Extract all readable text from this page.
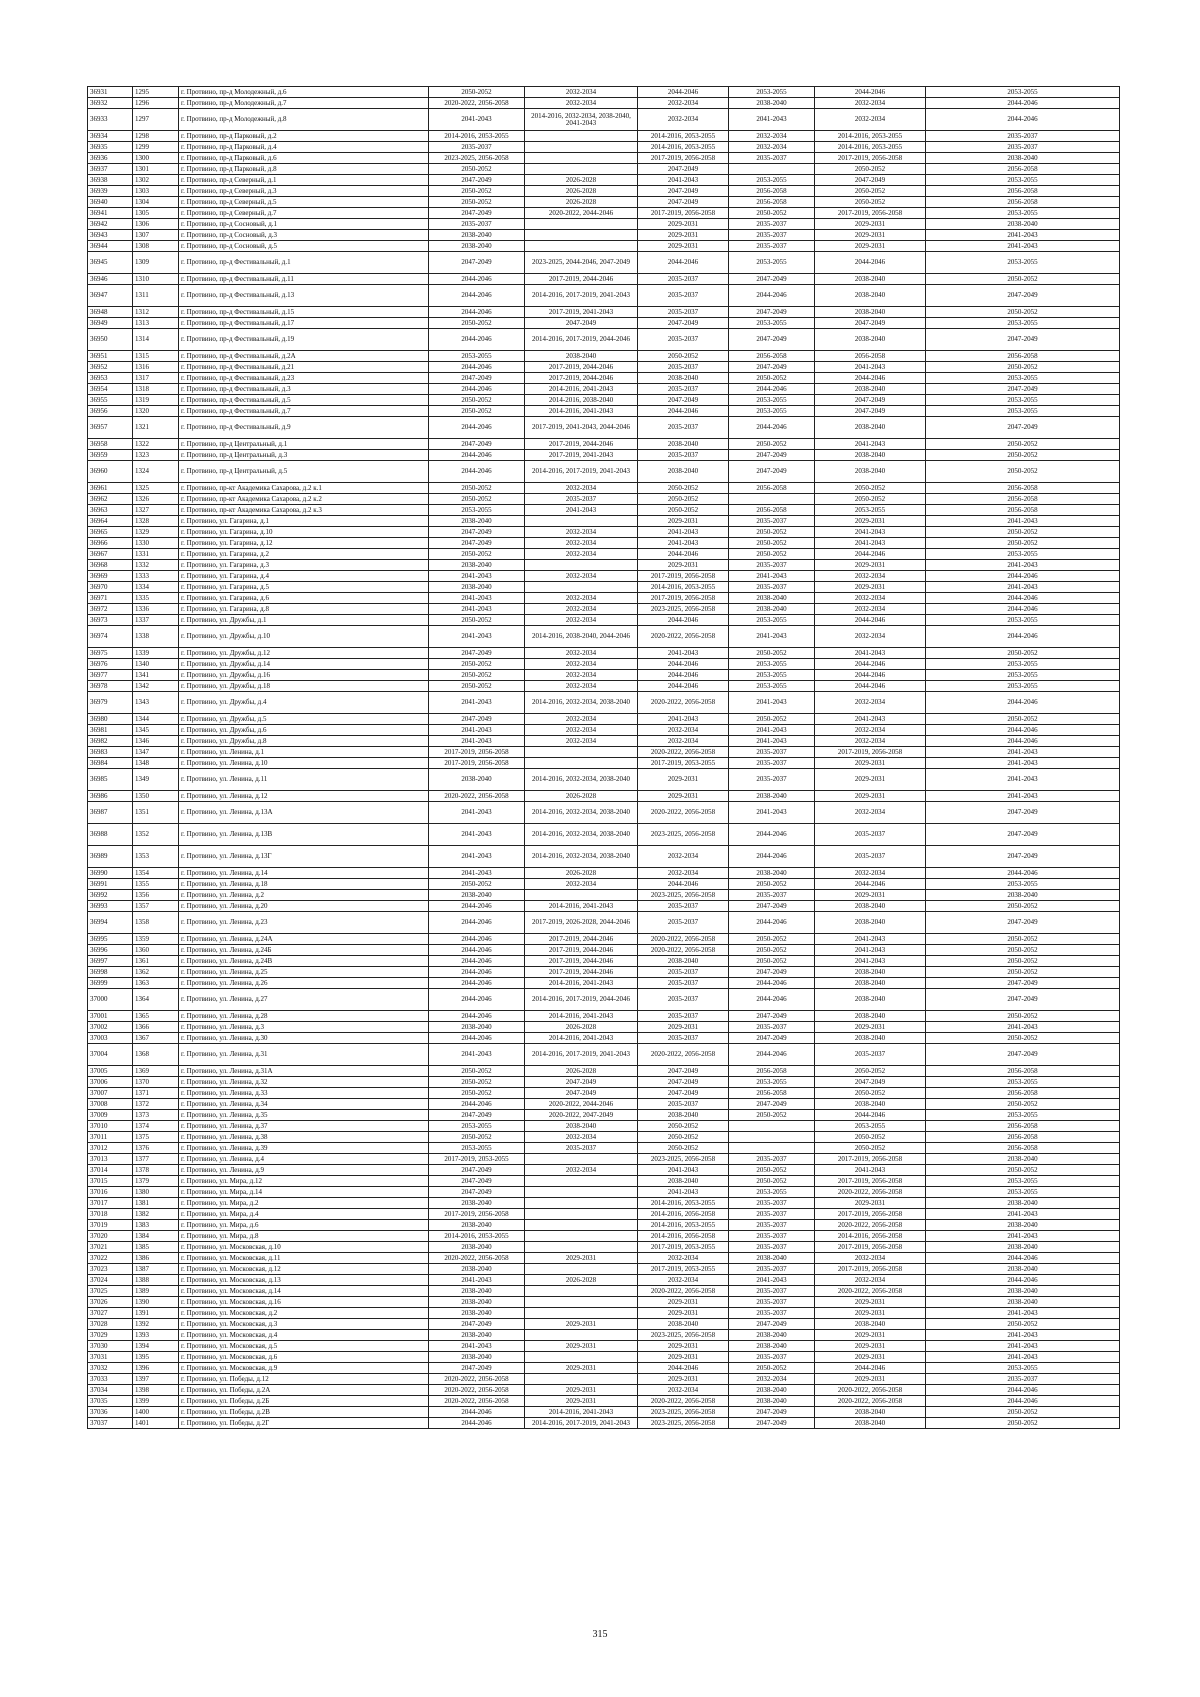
36931	1295	г. Протвино, пр-д Молодежный, д.6	2050-2052	2032-2034	2044-2046	2053-2055	2044-2046	2053-2055
36932	1296	г. Протвино, пр-д Молодежный, д.7	2020-2022, 2056-2058	2032-2034	2032-2034	2038-2040	2032-2034	2044-2046
36933	1297	г. Протвино, пр-д Молодежный, д.8	2041-2043	2014-2016, 2032-2034, 2038-2040, 2041-2043	2032-2034	2041-2043	2032-2034	2044-2046
36934	1298	г. Протвино, пр-д Парковый, д.2	2014-2016, 2053-2055		2014-2016, 2053-2055	2032-2034	2014-2016, 2053-2055	2035-2037
36935	1299	г. Протвино, пр-д Парковый, д.4	2035-2037		2014-2016, 2053-2055	2032-2034	2014-2016, 2053-2055	2035-2037
36936	1300	г. Протвино, пр-д Парковый, д.6	2023-2025, 2056-2058		2017-2019, 2056-2058	2035-2037	2017-2019, 2056-2058	2038-2040
36937	1301	г. Протвино, пр-д Парковый, д.8	2050-2052		2047-2049		2050-2052	2056-2058
36938	1302	г. Протвино, пр-д Северный, д.1	2047-2049	2026-2028	2041-2043	2053-2055	2047-2049	2053-2055
36939	1303	г. Протвино, пр-д Северный, д.3	2050-2052	2026-2028	2047-2049	2056-2058	2050-2052	2056-2058
36940	1304	г. Протвино, пр-д Северный, д.5	2050-2052	2026-2028	2047-2049	2056-2058	2050-2052	2056-2058
36941	1305	г. Протвино, пр-д Северный, д.7	2047-2049	2020-2022, 2044-2046	2017-2019, 2056-2058	2050-2052	2017-2019, 2056-2058	2053-2055
36942	1306	г. Протвино, пр-д Сосновый, д.1	2035-2037		2029-2031	2035-2037	2029-2031	2038-2040
36943	1307	г. Протвино, пр-д Сосновый, д.3	2038-2040		2029-2031	2035-2037	2029-2031	2041-2043
36944	1308	г. Протвино, пр-д Сосновый, д.5	2038-2040		2029-2031	2035-2037	2029-2031	2041-2043
36945	1309	г. Протвино, пр-д Фестивальный, д.1	2047-2049	2023-2025, 2044-2046, 2047-2049	2044-2046	2053-2055	2044-2046	2053-2055
36946	1310	г. Протвино, пр-д Фестивальный, д.11	2044-2046	2017-2019, 2044-2046	2035-2037	2047-2049	2038-2040	2050-2052
36947	1311	г. Протвино, пр-д Фестивальный, д.13	2044-2046	2014-2016, 2017-2019, 2041-2043	2035-2037	2044-2046	2038-2040	2047-2049
36948	1312	г. Протвино, пр-д Фестивальный, д.15	2044-2046	2017-2019, 2041-2043	2035-2037	2047-2049	2038-2040	2050-2052
36949	1313	г. Протвино, пр-д Фестивальный, д.17	2050-2052	2047-2049	2047-2049	2053-2055	2047-2049	2053-2055
36950	1314	г. Протвино, пр-д Фестивальный, д.19	2044-2046	2014-2016, 2017-2019, 2044-2046	2035-2037	2047-2049	2038-2040	2047-2049
36951	1315	г. Протвино, пр-д Фестивальный, д.2А	2053-2055	2038-2040	2050-2052	2056-2058	2056-2058	2056-2058
36952	1316	г. Протвино, пр-д Фестивальный, д.21	2044-2046	2017-2019, 2044-2046	2035-2037	2047-2049	2041-2043	2050-2052
36953	1317	г. Протвино, пр-д Фестивальный, д.23	2047-2049	2017-2019, 2044-2046	2038-2040	2050-2052	2044-2046	2053-2055
36954	1318	г. Протвино, пр-д Фестивальный, д.3	2044-2046	2014-2016, 2041-2043	2035-2037	2044-2046	2038-2040	2047-2049
36955	1319	г. Протвино, пр-д Фестивальный, д.5	2050-2052	2014-2016, 2038-2040	2047-2049	2053-2055	2047-2049	2053-2055
36956	1320	г. Протвино, пр-д Фестивальный, д.7	2050-2052	2014-2016, 2041-2043	2044-2046	2053-2055	2047-2049	2053-2055
36957	1321	г. Протвино, пр-д Фестивальный, д.9	2044-2046	2017-2019, 2041-2043, 2044-2046	2035-2037	2044-2046	2038-2040	2047-2049
36958	1322	г. Протвино, пр-д Центральный, д.1	2047-2049	2017-2019, 2044-2046	2038-2040	2050-2052	2041-2043	2050-2052
36959	1323	г. Протвино, пр-д Центральный, д.3	2044-2046	2017-2019, 2041-2043	2035-2037	2047-2049	2038-2040	2050-2052
36960	1324	г. Протвино, пр-д Центральный, д.5	2044-2046	2014-2016, 2017-2019, 2041-2043	2038-2040	2047-2049	2038-2040	2050-2052
36961	1325	г. Протвино, пр-кт Академика Сахарова, д.2 к.1	2050-2052	2032-2034	2050-2052	2056-2058	2050-2052	2056-2058
36962	1326	г. Протвино, пр-кт Академика Сахарова, д.2 к.2	2050-2052	2035-2037	2050-2052		2050-2052	2056-2058
36963	1327	г. Протвино, пр-кт Академика Сахарова, д.2 к.3	2053-2055	2041-2043	2050-2052	2056-2058	2053-2055	2056-2058
36964	1328	г. Протвино, ул. Гагарина, д.1	2038-2040		2029-2031	2035-2037	2029-2031	2041-2043
36965	1329	г. Протвино, ул. Гагарина, д.10	2047-2049	2032-2034	2041-2043	2050-2052	2041-2043	2050-2052
36966	1330	г. Протвино, ул. Гагарина, д.12	2047-2049	2032-2034	2041-2043	2050-2052	2041-2043	2050-2052
36967	1331	г. Протвино, ул. Гагарина, д.2	2050-2052	2032-2034	2044-2046	2050-2052	2044-2046	2053-2055
36968	1332	г. Протвино, ул. Гагарина, д.3	2038-2040		2029-2031	2035-2037	2029-2031	2041-2043
36969	1333	г. Протвино, ул. Гагарина, д.4	2041-2043	2032-2034	2017-2019, 2056-2058	2041-2043	2032-2034	2044-2046
36970	1334	г. Протвино, ул. Гагарина, д.5	2038-2040		2014-2016, 2053-2055	2035-2037	2029-2031	2041-2043
36971	1335	г. Протвино, ул. Гагарина, д.6	2041-2043	2032-2034	2017-2019, 2056-2058	2038-2040	2032-2034	2044-2046
36972	1336	г. Протвино, ул. Гагарина, д.8	2041-2043	2032-2034	2023-2025, 2056-2058	2038-2040	2032-2034	2044-2046
36973	1337	г. Протвино, ул. Дружбы, д.1	2050-2052	2032-2034	2044-2046	2053-2055	2044-2046	2053-2055
36974	1338	г. Протвино, ул. Дружбы, д.10	2041-2043	2014-2016, 2038-2040, 2044-2046	2020-2022, 2056-2058	2041-2043	2032-2034	2044-2046
36975	1339	г. Протвино, ул. Дружбы, д.12	2047-2049	2032-2034	2041-2043	2050-2052	2041-2043	2050-2052
36976	1340	г. Протвино, ул. Дружбы, д.14	2050-2052	2032-2034	2044-2046	2053-2055	2044-2046	2053-2055
36977	1341	г. Протвино, ул. Дружбы, д.16	2050-2052	2032-2034	2044-2046	2053-2055	2044-2046	2053-2055
36978	1342	г. Протвино, ул. Дружбы, д.18	2050-2052	2032-2034	2044-2046	2053-2055	2044-2046	2053-2055
36979	1343	г. Протвино, ул. Дружбы, д.4	2041-2043	2014-2016, 2032-2034, 2038-2040	2020-2022, 2056-2058	2041-2043	2032-2034	2044-2046
36980	1344	г. Протвино, ул. Дружбы, д.5	2047-2049	2032-2034	2041-2043	2050-2052	2041-2043	2050-2052
36981	1345	г. Протвино, ул. Дружбы, д.6	2041-2043	2032-2034	2032-2034	2041-2043	2032-2034	2044-2046
36982	1346	г. Протвино, ул. Дружбы, д.8	2041-2043	2032-2034	2032-2034	2041-2043	2032-2034	2044-2046
36983	1347	г. Протвино, ул. Ленина, д.1	2017-2019, 2056-2058		2020-2022, 2056-2058	2035-2037	2017-2019, 2056-2058	2041-2043
36984	1348	г. Протвино, ул. Ленина, д.10	2017-2019, 2056-2058		2017-2019, 2053-2055	2035-2037	2029-2031	2041-2043
36985	1349	г. Протвино, ул. Ленина, д.11	2038-2040	2014-2016, 2032-2034, 2038-2040	2029-2031	2035-2037	2029-2031	2041-2043
36986	1350	г. Протвино, ул. Ленина, д.12	2020-2022, 2056-2058	2026-2028	2029-2031	2038-2040	2029-2031	2041-2043
36987	1351	г. Протвино, ул. Ленина, д.13А	2041-2043	2014-2016, 2032-2034, 2038-2040	2020-2022, 2056-2058	2041-2043	2032-2034	2047-2049
36988	1352	г. Протвино, ул. Ленина, д.13В	2041-2043	2014-2016, 2032-2034, 2038-2040	2023-2025, 2056-2058	2044-2046	2035-2037	2047-2049
36989	1353	г. Протвино, ул. Ленина, д.13Г	2041-2043	2014-2016, 2032-2034, 2038-2040	2032-2034	2044-2046	2035-2037	2047-2049
36990	1354	г. Протвино, ул. Ленина, д.14	2041-2043	2026-2028	2032-2034	2038-2040	2032-2034	2044-2046
36991	1355	г. Протвино, ул. Ленина, д.18	2050-2052	2032-2034	2044-2046	2050-2052	2044-2046	2053-2055
36992	1356	г. Протвино, ул. Ленина, д.2	2038-2040		2023-2025, 2056-2058	2035-2037	2029-2031	2038-2040
36993	1357	г. Протвино, ул. Ленина, д.20	2044-2046	2014-2016, 2041-2043	2035-2037	2047-2049	2038-2040	2050-2052
36994	1358	г. Протвино, ул. Ленина, д.23	2044-2046	2017-2019, 2026-2028, 2044-2046	2035-2037	2044-2046	2038-2040	2047-2049
36995	1359	г. Протвино, ул. Ленина, д.24А	2044-2046	2017-2019, 2044-2046	2020-2022, 2056-2058	2050-2052	2041-2043	2050-2052
36996	1360	г. Протвино, ул. Ленина, д.24Б	2044-2046	2017-2019, 2044-2046	2020-2022, 2056-2058	2050-2052	2041-2043	2050-2052
36997	1361	г. Протвино, ул. Ленина, д.24В	2044-2046	2017-2019, 2044-2046	2038-2040	2050-2052	2041-2043	2050-2052
36998	1362	г. Протвино, ул. Ленина, д.25	2044-2046	2017-2019, 2044-2046	2035-2037	2047-2049	2038-2040	2050-2052
36999	1363	г. Протвино, ул. Ленина, д.26	2044-2046	2014-2016, 2041-2043	2035-2037	2044-2046	2038-2040	2047-2049
37000	1364	г. Протвино, ул. Ленина, д.27	2044-2046	2014-2016, 2017-2019, 2044-2046	2035-2037	2044-2046	2038-2040	2047-2049
37001	1365	г. Протвино, ул. Ленина, д.28	2044-2046	2014-2016, 2041-2043	2035-2037	2047-2049	2038-2040	2050-2052
37002	1366	г. Протвино, ул. Ленина, д.3	2038-2040	2026-2028	2029-2031	2035-2037	2029-2031	2041-2043
37003	1367	г. Протвино, ул. Ленина, д.30	2044-2046	2014-2016, 2041-2043	2035-2037	2047-2049	2038-2040	2050-2052
37004	1368	г. Протвино, ул. Ленина, д.31	2041-2043	2014-2016, 2017-2019, 2041-2043	2020-2022, 2056-2058	2044-2046	2035-2037	2047-2049
37005	1369	г. Протвино, ул. Ленина, д.31А	2050-2052	2026-2028	2047-2049	2056-2058	2050-2052	2056-2058
37006	1370	г. Протвино, ул. Ленина, д.32	2050-2052	2047-2049	2047-2049	2053-2055	2047-2049	2053-2055
37007	1371	г. Протвино, ул. Ленина, д.33	2050-2052	2047-2049	2047-2049	2056-2058	2050-2052	2056-2058
37008	1372	г. Протвино, ул. Ленина, д.34	2044-2046	2020-2022, 2044-2046	2035-2037	2047-2049	2038-2040	2050-2052
37009	1373	г. Протвино, ул. Ленина, д.35	2047-2049	2020-2022, 2047-2049	2038-2040	2050-2052	2044-2046	2053-2055
37010	1374	г. Протвино, ул. Ленина, д.37	2053-2055	2038-2040	2050-2052		2053-2055	2056-2058
37011	1375	г. Протвино, ул. Ленина, д.38	2050-2052	2032-2034	2050-2052		2050-2052	2056-2058
37012	1376	г. Протвино, ул. Ленина, д.39	2053-2055	2035-2037	2050-2052		2050-2052	2056-2058
37013	1377	г. Протвино, ул. Ленина, д.4	2017-2019, 2053-2055		2023-2025, 2056-2058	2035-2037	2017-2019, 2056-2058	2038-2040
37014	1378	г. Протвино, ул. Ленина, д.9	2047-2049	2032-2034	2041-2043	2050-2052	2041-2043	2050-2052
37015	1379	г. Протвино, ул. Мира, д.12	2047-2049		2038-2040	2050-2052	2017-2019, 2056-2058	2053-2055
37016	1380	г. Протвино, ул. Мира, д.14	2047-2049		2041-2043	2053-2055	2020-2022, 2056-2058	2053-2055
37017	1381	г. Протвино, ул. Мира, д.2	2038-2040		2014-2016, 2053-2055	2035-2037	2029-2031	2038-2040
37018	1382	г. Протвино, ул. Мира, д.4	2017-2019, 2056-2058		2014-2016, 2056-2058	2035-2037	2017-2019, 2056-2058	2041-2043
37019	1383	г. Протвино, ул. Мира, д.6	2038-2040		2014-2016, 2053-2055	2035-2037	2020-2022, 2056-2058	2038-2040
37020	1384	г. Протвино, ул. Мира, д.8	2014-2016, 2053-2055		2014-2016, 2056-2058	2035-2037	2014-2016, 2056-2058	2041-2043
37021	1385	г. Протвино, ул. Московская, д.10	2038-2040		2017-2019, 2053-2055	2035-2037	2017-2019, 2056-2058	2038-2040
37022	1386	г. Протвино, ул. Московская, д.11	2020-2022, 2056-2058	2029-2031	2032-2034	2038-2040	2032-2034	2044-2046
37023	1387	г. Протвино, ул. Московская, д.12	2038-2040		2017-2019, 2053-2055	2035-2037	2017-2019, 2056-2058	2038-2040
37024	1388	г. Протвино, ул. Московская, д.13	2041-2043	2026-2028	2032-2034	2041-2043	2032-2034	2044-2046
37025	1389	г. Протвино, ул. Московская, д.14	2038-2040		2020-2022, 2056-2058	2035-2037	2020-2022, 2056-2058	2038-2040
37026	1390	г. Протвино, ул. Московская, д.16	2038-2040		2029-2031	2035-2037	2029-2031	2038-2040
37027	1391	г. Протвино, ул. Московская, д.2	2038-2040		2029-2031	2035-2037	2029-2031	2041-2043
37028	1392	г. Протвино, ул. Московская, д.3	2047-2049	2029-2031	2038-2040	2047-2049	2038-2040	2050-2052
37029	1393	г. Протвино, ул. Московская, д.4	2038-2040		2023-2025, 2056-2058	2038-2040	2029-2031	2041-2043
37030	1394	г. Протвино, ул. Московская, д.5	2041-2043	2029-2031	2029-2031	2038-2040	2029-2031	2041-2043
37031	1395	г. Протвино, ул. Московская, д.6	2038-2040		2029-2031	2035-2037	2029-2031	2041-2043
37032	1396	г. Протвино, ул. Московская, д.9	2047-2049	2029-2031	2044-2046	2050-2052	2044-2046	2053-2055
37033	1397	г. Протвино, ул. Победы, д.12	2020-2022, 2056-2058		2029-2031	2032-2034	2029-2031	2035-2037
37034	1398	г. Протвино, ул. Победы, д.2А	2020-2022, 2056-2058	2029-2031	2032-2034	2038-2040	2020-2022, 2056-2058	2044-2046
37035	1399	г. Протвино, ул. Победы, д.2Б	2020-2022, 2056-2058	2029-2031	2020-2022, 2056-2058	2038-2040	2020-2022, 2056-2058	2044-2046
37036	1400	г. Протвино, ул. Победы, д.2В	2044-2046	2014-2016, 2041-2043	2023-2025, 2056-2058	2047-2049	2038-2040	2050-2052
37037	1401	г. Протвино, ул. Победы, д.2Г	2044-2046	2014-2016, 2017-2019, 2041-2043	2023-2025, 2056-2058	2047-2049	2038-2040	2050-2052
315
